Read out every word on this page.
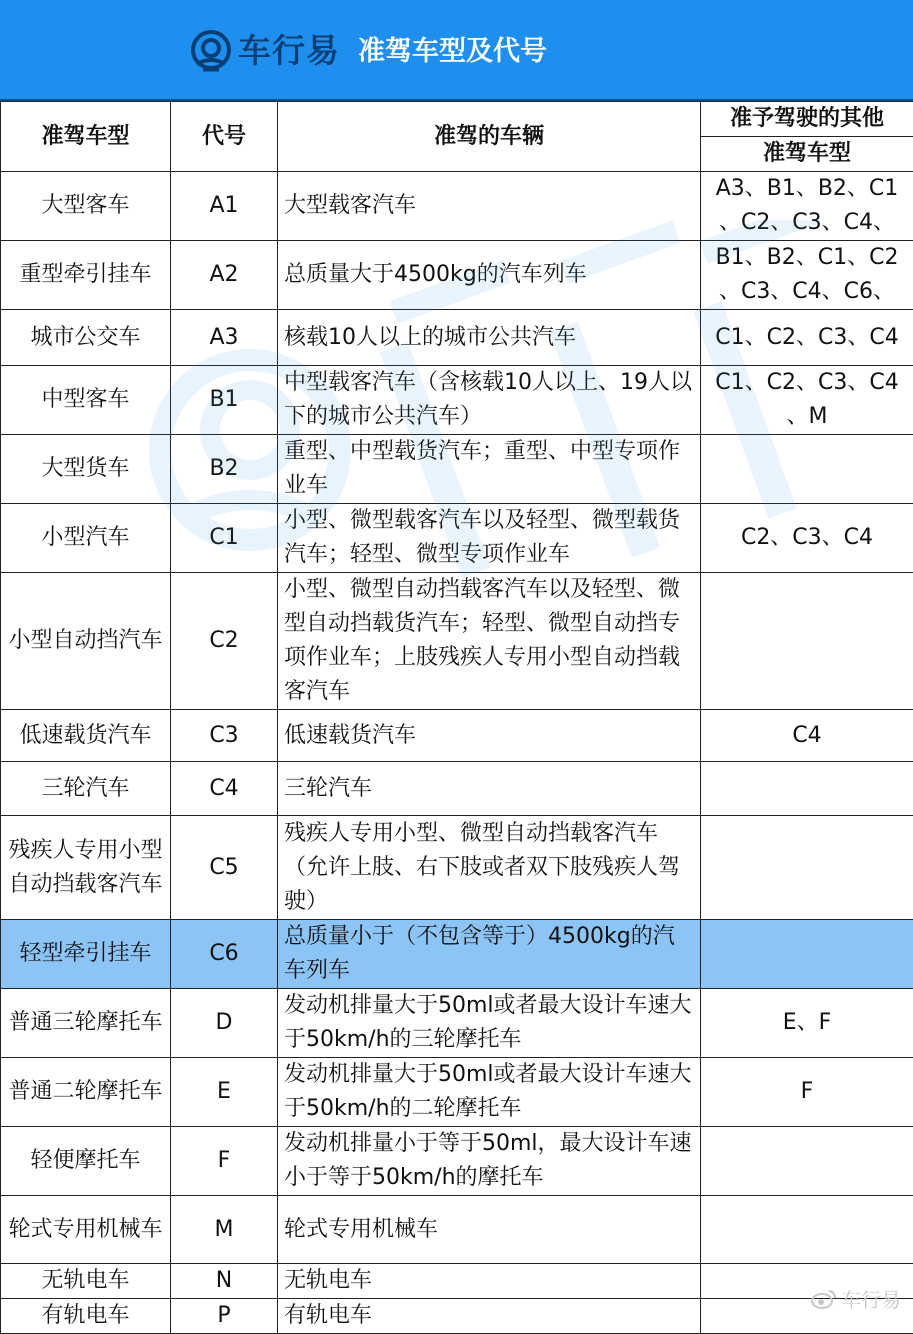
车行易 准驾车型及代号
准驾车型	代号	准驾的车辆	准予驾驶的其他
			准驾车型
大型客车	A1	大型载客汽车	A3、B1、B2、C1
、C2、C3、C4、
重型牵引挂车	A2	总质量大于4500kg的汽车列车	B1、B2、C1、C2
、C3、C4、C6、
城市公交车	A3	核载10人以上的城市公共汽车	C1、C2、C3、C4
中型客车	B1	中型载客汽车（含核载10人以上、19人以下的城市公共汽车）	C1、C2、C3、C4
、M
大型货车	B2	重型、中型载货汽车；重型、中型专项作业车	
小型汽车	C1	小型、微型载客汽车以及轻型、微型载货汽车；轻型、微型专项作业车	C2、C3、C4
小型自动挡汽车	C2	小型、微型自动挡载客汽车以及轻型、微型自动挡载货汽车；轻型、微型自动挡专项作业车；上肢残疾人专用小型自动挡载客汽车	
低速载货汽车	C3	低速载货汽车	C4
三轮汽车	C4	三轮汽车	
残疾人专用小型自动挡载客汽车	C5	残疾人专用小型、微型自动挡载客汽车（允许上肢、右下肢或者双下肢残疾人驾驶）	
轻型牵引挂车	C6	总质量小于（不包含等于）4500kg的汽车列车	
普通三轮摩托车	D	发动机排量大于50ml或者最大设计车速大于50km/h的三轮摩托车	E、F
普通二轮摩托车	E	发动机排量大于50ml或者最大设计车速大于50km/h的二轮摩托车	F
轻便摩托车	F	发动机排量小于等于50ml，最大设计车速小于等于50km/h的摩托车	
轮式专用机械车	M	轮式专用机械车	
无轨电车	N	无轨电车	
有轨电车	P	有轨电车	
车行易
